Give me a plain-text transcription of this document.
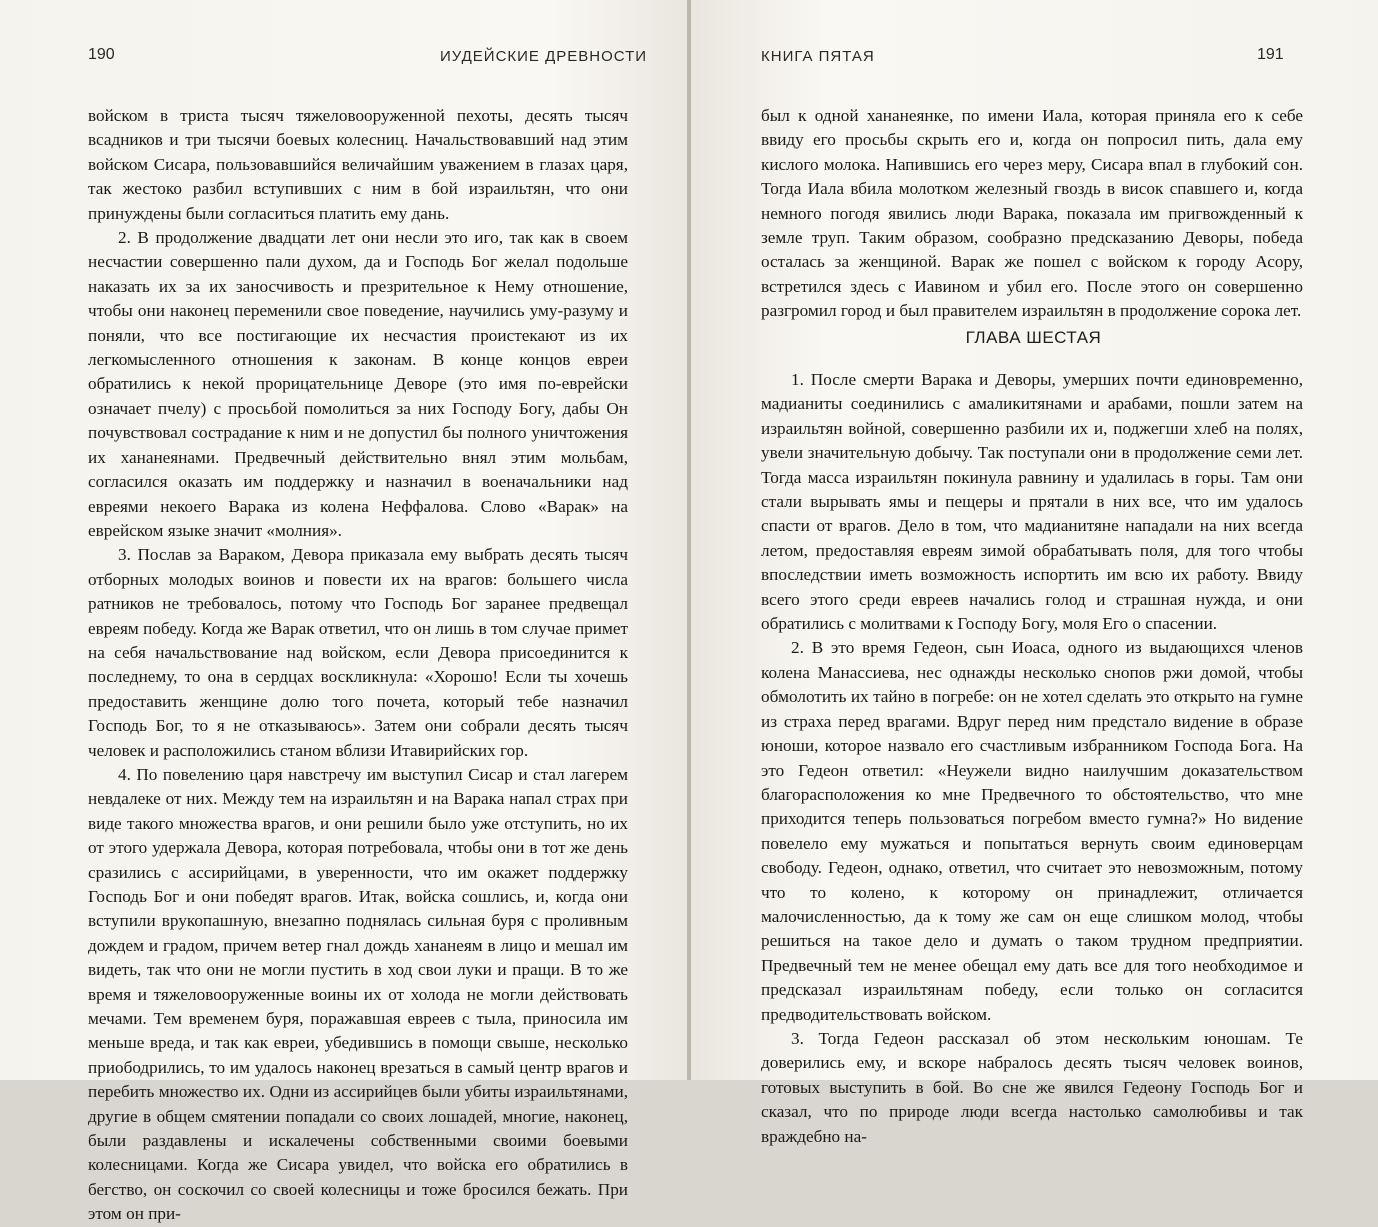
190	ИУДЕЙСКИЕ ДРЕВНОСТИ

войском в триста тысяч тяжеловооруженной пехоты, десять тысяч всадников и три тысячи боевых колесниц. Начальствовавший над этим войском Сисара, пользовавшийся величайшим уважением в глазах царя, так жестоко разбил вступивших с ним в бой израильтян, что они принуждены были согласиться платить ему дань.

2. В продолжение двадцати лет они несли это иго, так как в своем несчастии совершенно пали духом, да и Господь Бог желал подольше наказать их за их заносчивость и презрительное к Нему отношение, чтобы они наконец переменили свое поведение, научились уму-разуму и поняли, что все постигающие их несчастия проистекают из их легкомысленного отношения к законам. В конце концов евреи обратились к некой прорицательнице Деворе (это имя по-еврейски означает пчелу) с просьбой помолиться за них Господу Богу, дабы Он почувствовал сострадание к ним и не допустил бы полного уничтожения их хананеянами. Предвечный действительно внял этим мольбам, согласился оказать им поддержку и назначил в военачальники над евреями некоего Варака из колена Неффалова. Слово «Варак» на еврейском языке значит «молния».

3. Послав за Вараком, Девора приказала ему выбрать десять тысяч отборных молодых воинов и повести их на врагов: большего числа ратников не требовалось, потому что Господь Бог заранее предвещал евреям победу. Когда же Варак ответил, что он лишь в том случае примет на себя начальствование над войском, если Девора присоединится к последнему, то она в сердцах воскликнула: «Хорошо! Если ты хочешь предоставить женщине долю того почета, который тебе назначил Господь Бог, то я не отказываюсь». Затем они собрали десять тысяч человек и расположились станом вблизи Итавирийских гор.

4. По повелению царя навстречу им выступил Сисар и стал лагерем невдалеке от них. Между тем на израильтян и на Варака напал страх при виде такого множества врагов, и они решили было уже отступить, но их от этого удержала Девора, которая потребовала, чтобы они в тот же день сразились с ассирийцами, в уверенности, что им окажет поддержку Господь Бог и они победят врагов. Итак, войска сошлись, и, когда они вступили врукопашную, внезапно поднялась сильная буря с проливным дождем и градом, причем ветер гнал дождь хананеям в лицо и мешал им видеть, так что они не могли пустить в ход свои луки и пращи. В то же время и тяжеловооруженные воины их от холода не могли действовать мечами. Тем временем буря, поражавшая евреев с тыла, приносила им меньше вреда, и так как евреи, убедившись в помощи свыше, несколько приободрились, то им удалось наконец врезаться в самый центр врагов и перебить множество их. Одни из ассирийцев были убиты израильтянами, другие в общем смятении попадали со своих лошадей, многие, наконец, были раздавлены и искалечены собственными своими боевыми колесницами. Когда же Сисара увидел, что войска его обратились в бегство, он соскочил со своей колесницы и тоже бросился бежать. При этом он при-

КНИГА ПЯТАЯ	191

был к одной хананеянке, по имени Иала, которая приняла его к себе ввиду его просьбы скрыть его и, когда он попросил пить, дала ему кислого молока. Напившись его через меру, Сисара впал в глубокий сон. Тогда Иала вбила молотком железный гвоздь в висок спавшего и, когда немного погодя явились люди Варака, показала им пригвожденный к земле труп. Таким образом, сообразно предсказанию Деворы, победа осталась за женщиной. Варак же пошел с войском к городу Асору, встретился здесь с Иавином и убил его. После этого он совершенно разгромил город и был правителем израильтян в продолжение сорока лет.

ГЛАВА ШЕСТАЯ

1. После смерти Варака и Деворы, умерших почти единовременно, мадианиты соединились с амаликитянами и арабами, пошли затем на израильтян войной, совершенно разбили их и, поджегши хлеб на полях, увели значительную добычу. Так поступали они в продолжение семи лет. Тогда масса израильтян покинула равнину и удалилась в горы. Там они стали вырывать ямы и пещеры и прятали в них все, что им удалось спасти от врагов. Дело в том, что мадианитяне нападали на них всегда летом, предоставляя евреям зимой обрабатывать поля, для того чтобы впоследствии иметь возможность испортить им всю их работу. Ввиду всего этого среди евреев начались голод и страшная нужда, и они обратились с молитвами к Господу Богу, моля Его о спасении.

2. В это время Гедеон, сын Иоаса, одного из выдающихся членов колена Манассиева, нес однажды несколько снопов ржи домой, чтобы обмолотить их тайно в погребе: он не хотел сделать это открыто на гумне из страха перед врагами. Вдруг перед ним предстало видение в образе юноши, которое назвало его счастливым избранником Господа Бога. На это Гедеон ответил: «Неужели видно наилучшим доказательством благорасположения ко мне Предвечного то обстоятельство, что мне приходится теперь пользоваться погребом вместо гумна?» Но видение повелело ему мужаться и попытаться вернуть своим единоверцам свободу. Гедеон, однако, ответил, что считает это невозможным, потому что то колено, к которому он принадлежит, отличается малочисленностью, да к тому же сам он еще слишком молод, чтобы решиться на такое дело и думать о таком трудном предприятии. Предвечный тем не менее обещал ему дать все для того необходимое и предсказал израильтянам победу, если только он согласится предводительствовать войском.

3. Тогда Гедеон рассказал об этом нескольким юношам. Те доверились ему, и вскоре набралось десять тысяч человек воинов, готовых выступить в бой. Во сне же явился Гедеону Господь Бог и сказал, что по природе люди всегда настолько самолюбивы и так враждебно на-
